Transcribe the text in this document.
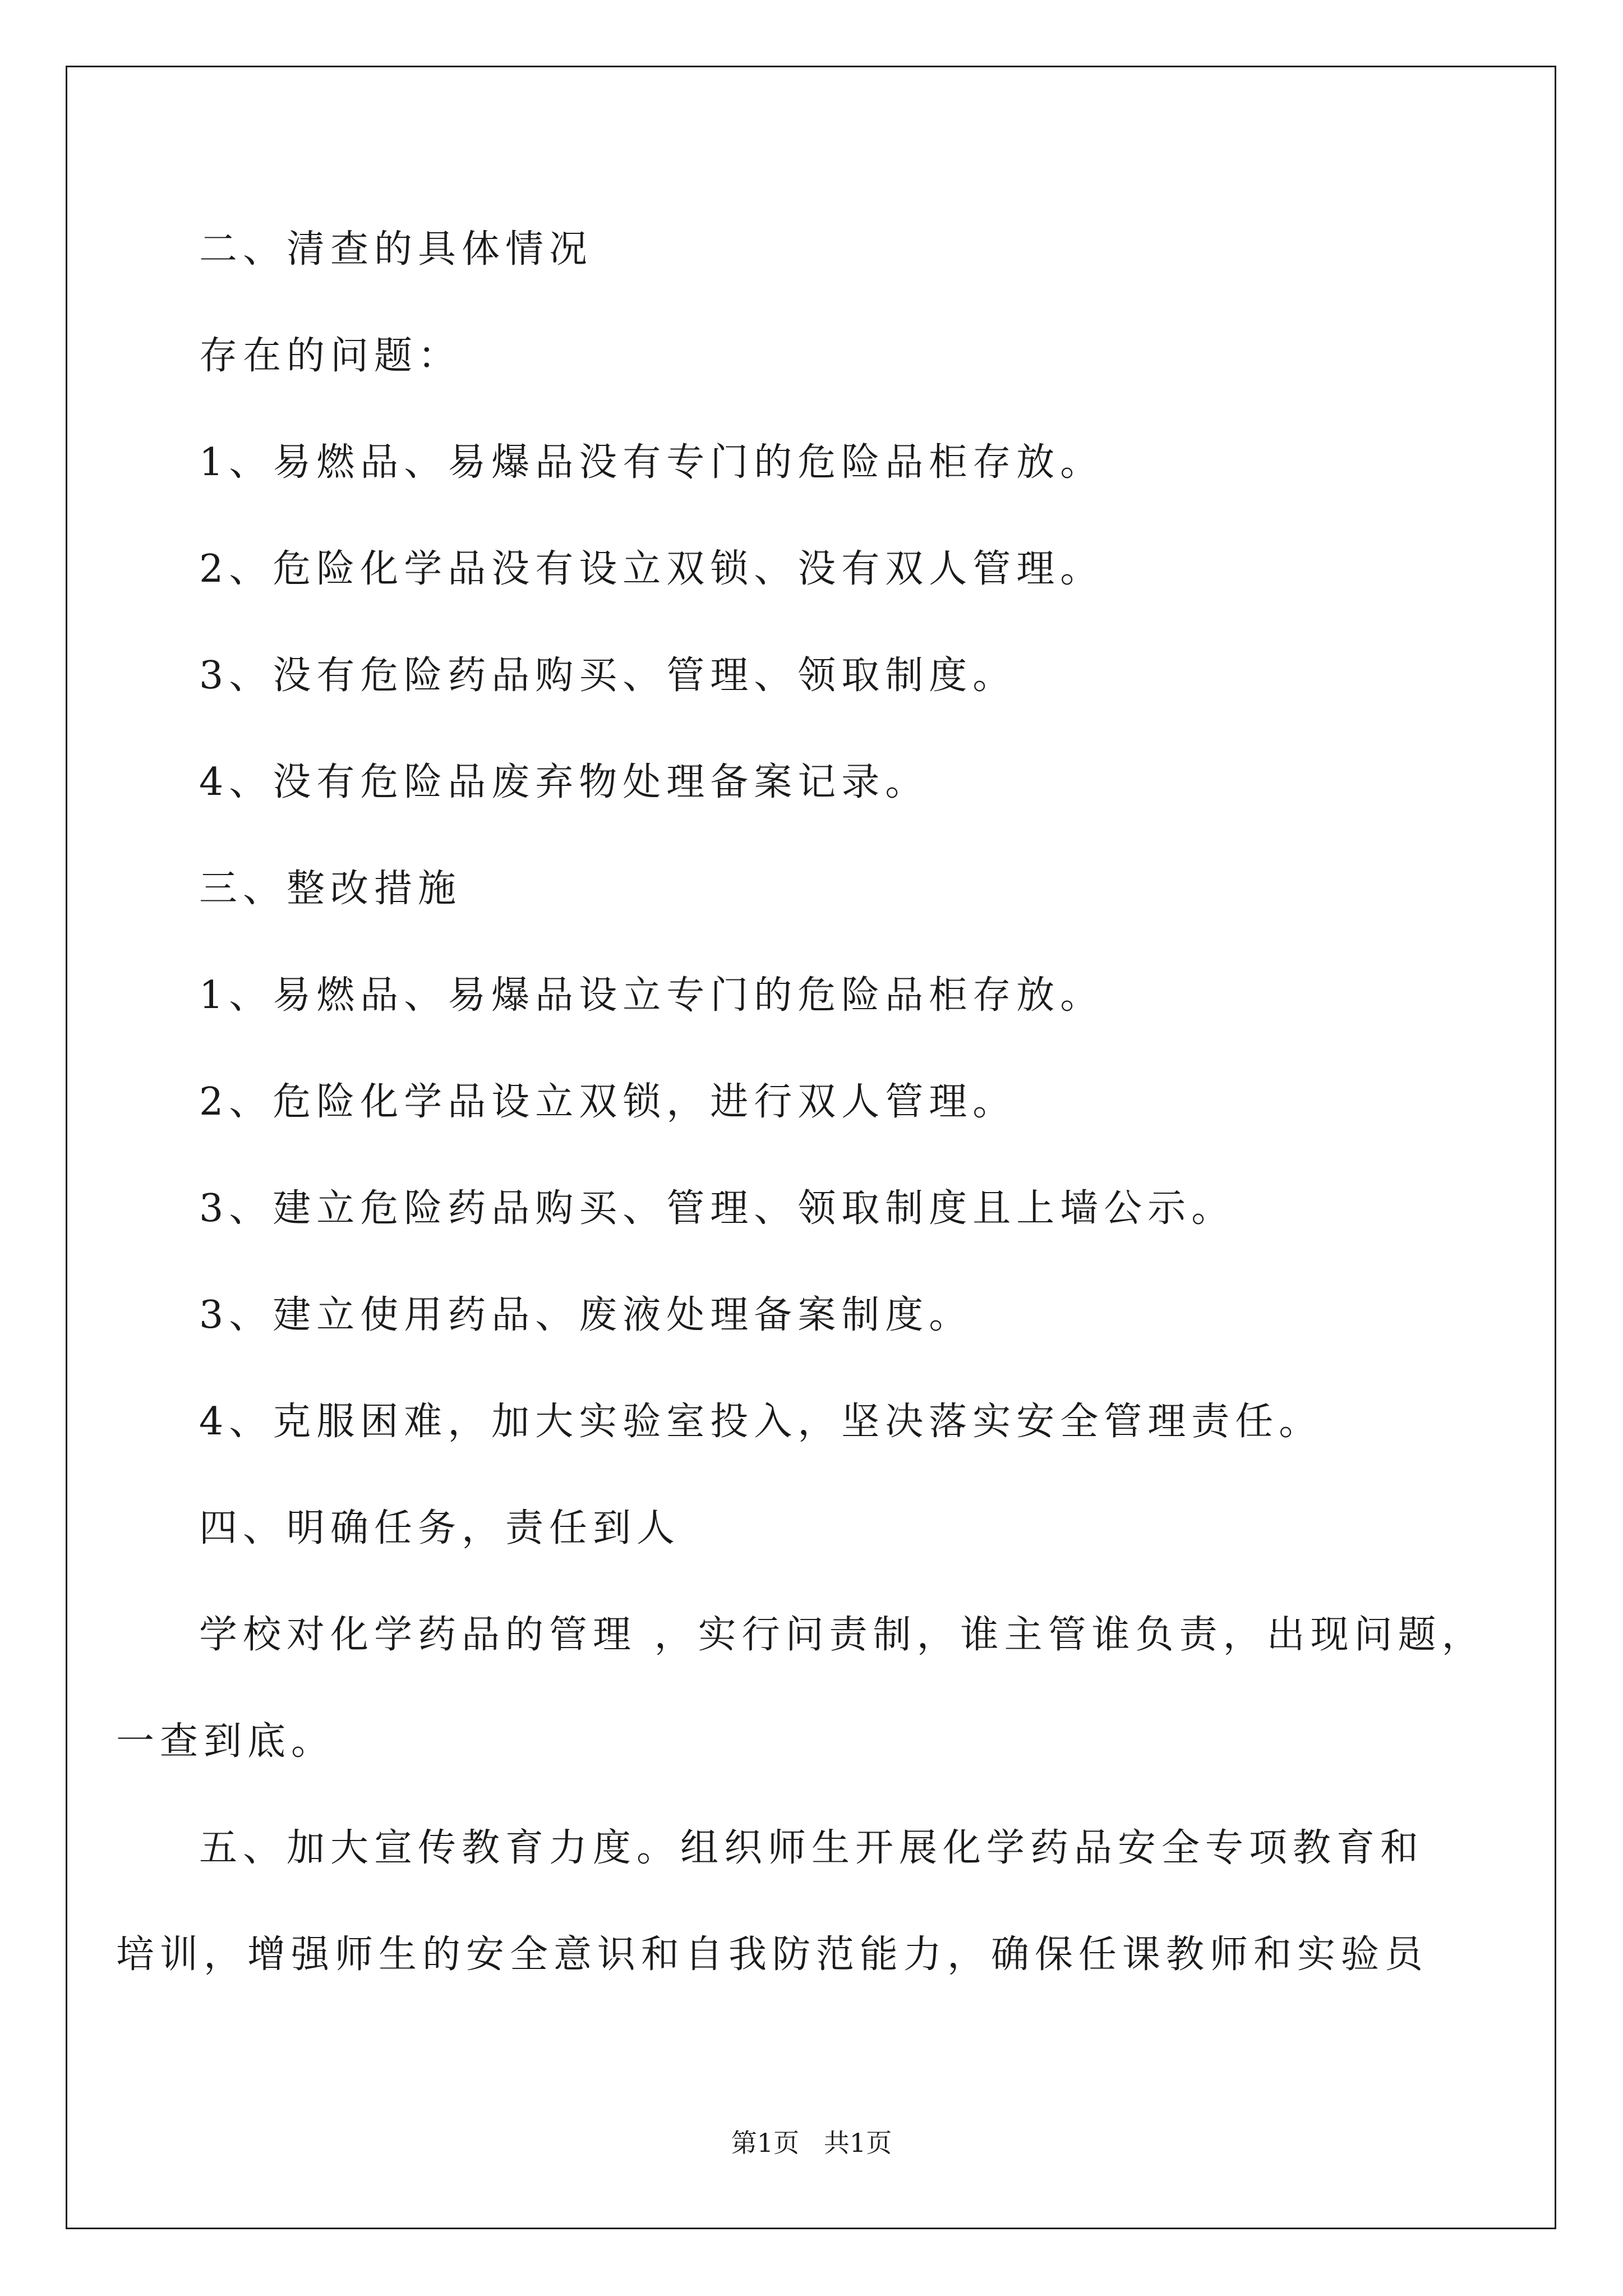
二、清查的具体情况
存在的问题：
1、易燃品、易爆品没有专门的危险品柜存放。
2、危险化学品没有设立双锁、没有双人管理。
3、没有危险药品购买、管理、领取制度。
4、没有危险品废弃物处理备案记录。
三、整改措施
1、易燃品、易爆品设立专门的危险品柜存放。
2、危险化学品设立双锁，进行双人管理。
3、建立危险药品购买、管理、领取制度且上墙公示。
3、建立使用药品、废液处理备案制度。
4、克服困难，加大实验室投入，坚决落实安全管理责任。
四、明确任务，责任到人
学校对化学药品的管理 ，实行问责制，谁主管谁负责，出现问题，
一查到底。
五、加大宣传教育力度。组织师生开展化学药品安全专项教育和
培训，增强师生的安全意识和自我防范能力，确保任课教师和实验员
第1页   共1页
